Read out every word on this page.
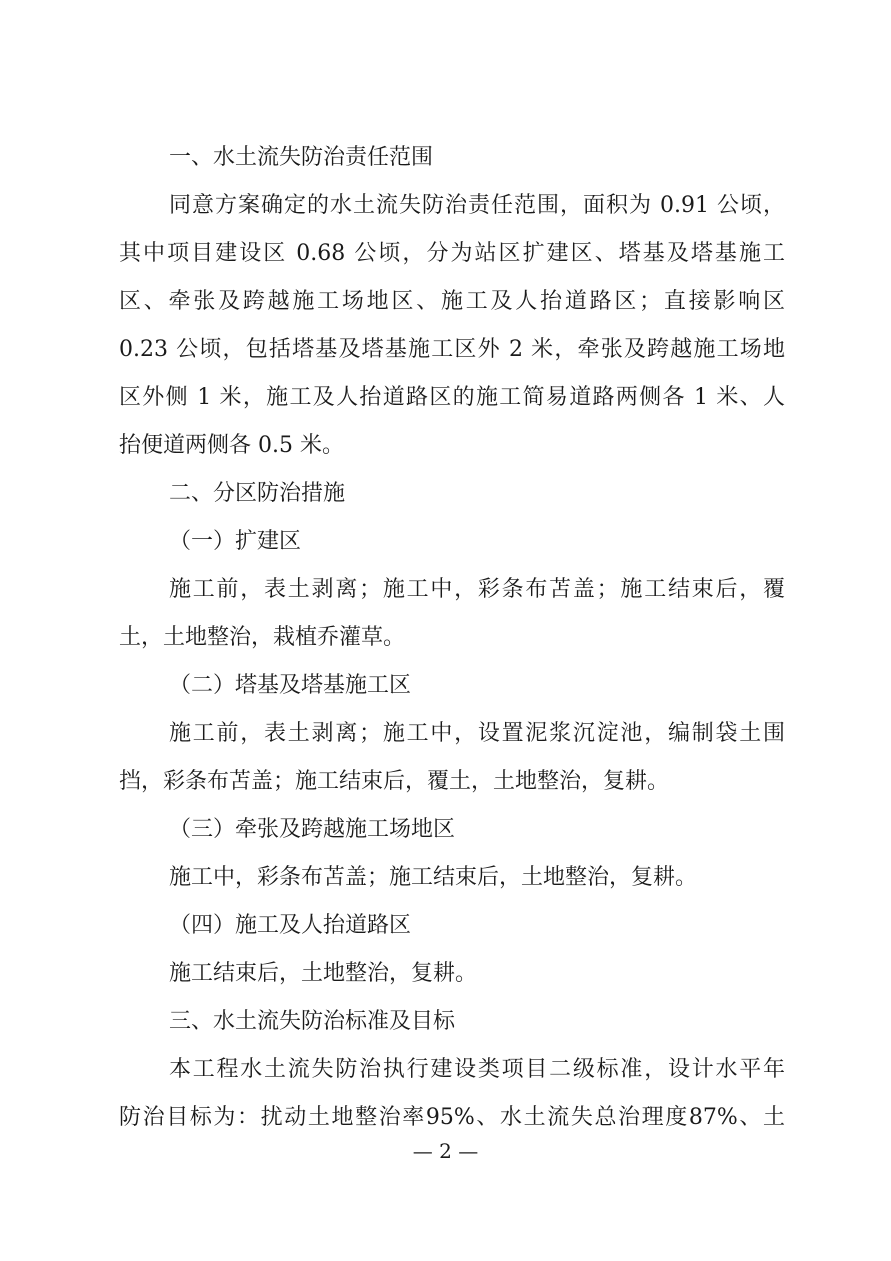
一、水土流失防治责任范围
同意方案确定的水土流失防治责任范围，面积为 0.91 公顷，
其中项目建设区 0.68 公顷，分为站区扩建区、塔基及塔基施工
区、牵张及跨越施工场地区、施工及人抬道路区；直接影响区
0.23 公顷，包括塔基及塔基施工区外 2 米，牵张及跨越施工场地
区外侧 1 米，施工及人抬道路区的施工简易道路两侧各 1 米、人
抬便道两侧各 0.5 米。
二、分区防治措施
（一）扩建区
施工前，表土剥离；施工中，彩条布苫盖；施工结束后，覆
土，土地整治，栽植乔灌草。
（二）塔基及塔基施工区
施工前，表土剥离；施工中，设置泥浆沉淀池，编制袋土围
挡，彩条布苫盖；施工结束后，覆土，土地整治，复耕。
（三）牵张及跨越施工场地区
施工中，彩条布苫盖；施工结束后，土地整治，复耕。
（四）施工及人抬道路区
施工结束后，土地整治，复耕。
三、水土流失防治标准及目标
本工程水土流失防治执行建设类项目二级标准，设计水平年
防治目标为：扰动土地整治率95%、水土流失总治理度87%、土
— 2 —
